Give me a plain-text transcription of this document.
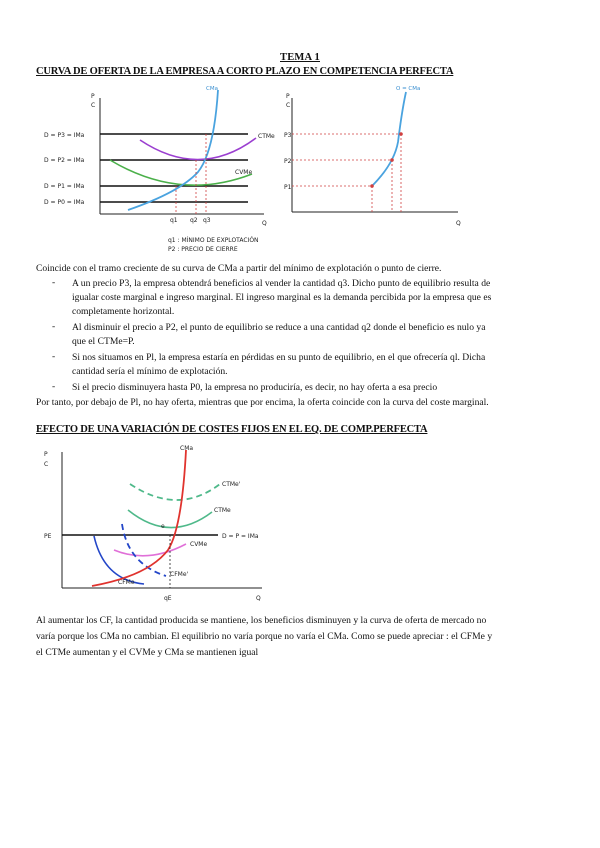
TEMA 1
CURVA DE OFERTA DE LA EMPRESA A CORTO PLAZO EN COMPETENCIA PERFECTA
P
C
Q
D = P3 = IMa
D = P2 = IMa
D = P1 = IMa
D = P0 = IMa
CMa
CTMe
CVMe
q1 q2 q3
q1 : MÍNIMO DE EXPLOTACIÓN
P2 : PRECIO DE CIERRE
P
C
Q
O = CMa
P3
P2
P1
Coincide con el tramo creciente de su curva de CMa a partir del mínimo de explotación o punto de cierre.
- A un precio P3, la empresa obtendrá beneficios al vender la cantidad q3. Dicho punto de equilibrio resulta de
igualar coste marginal e ingreso marginal. El ingreso marginal es la demanda percibida por la empresa que es
completamente horizontal.
- Al disminuir el precio a P2, el punto de equilibrio se reduce a una cantidad q2 donde el beneficio es nulo ya
que el CTMe=P.
- Si nos situamos en Pl, la empresa estaría en pérdidas en su punto de equilibrio, en el que ofrecería ql. Dicha
cantidad sería el mínimo de explotación.
- Si el precio disminuyera hasta P0, la empresa no produciría, es decir, no hay oferta a esa precio
Por tanto, por debajo de Pl, no hay oferta, mientras que por encima, la oferta coincide con la curva del coste marginal.
EFECTO DE UNA VARIACIÓN DE COSTES FIJOS EN EL EQ. DE COMP.PERFECTA
P
C
Q
PE	D = P = IMa
CTMe'
CTMe
CVMe
CFMe'
CFMe
CMa
e
qE
Al aumentar los CF, la cantidad producida se mantiene, los beneficios disminuyen y la curva de oferta de mercado no
varía porque los CMa no cambian. El equilibrio no varía porque no varía el CMa. Como se puede apreciar : el CFMe y
el CTMe aumentan y el CVMe y CMa se mantienen igual
